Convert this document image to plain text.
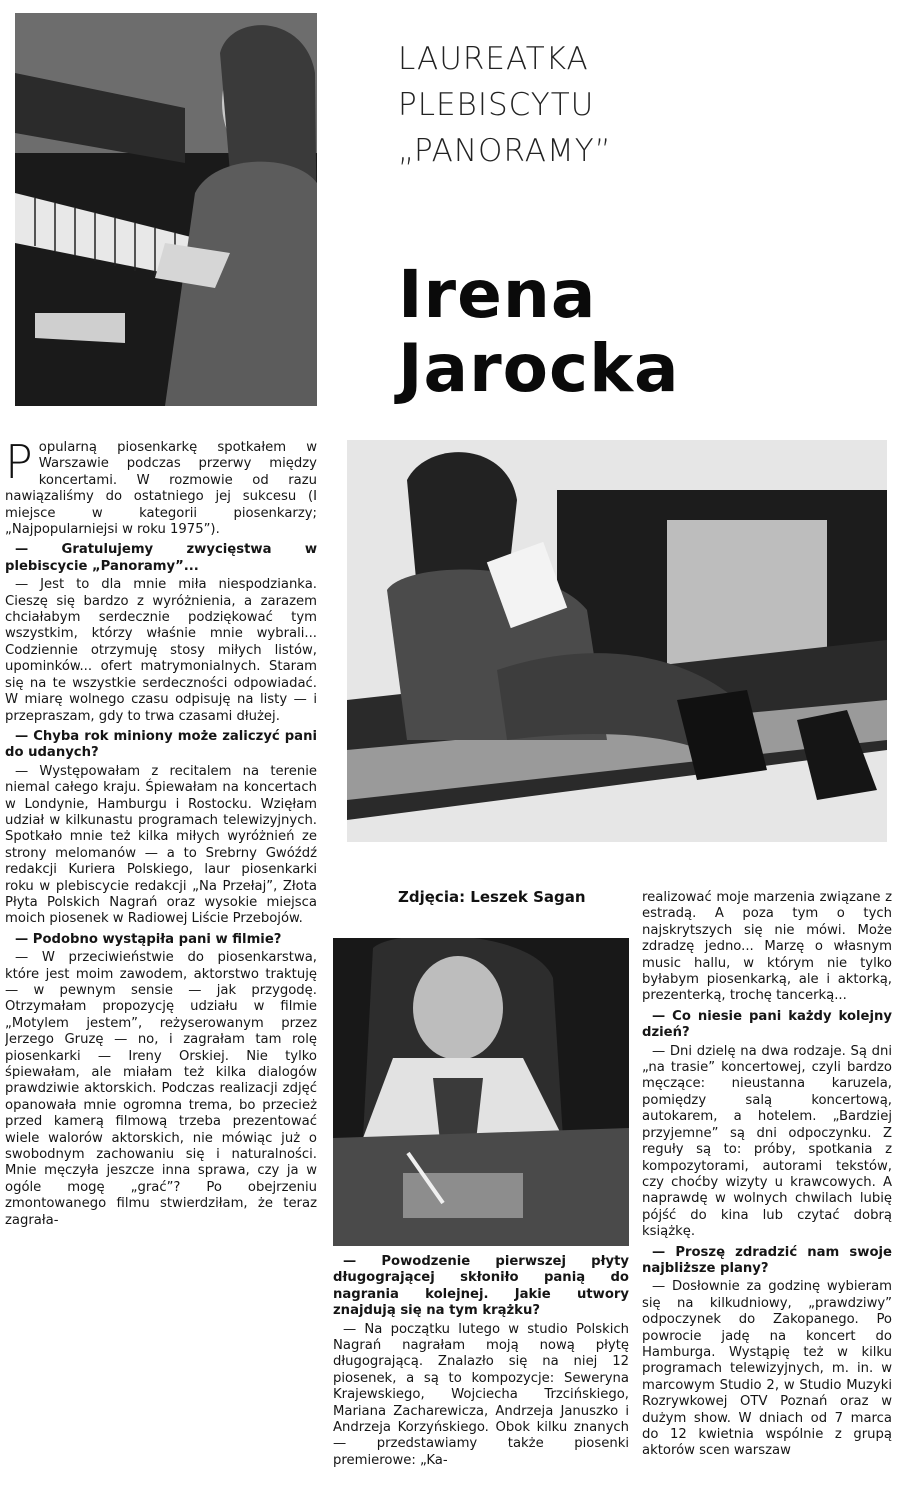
LAUREATKA
PLEBISCYTU
„PANORAMY”
Irena
Jarocka
Zdjęcia: Leszek Sagan

Popularną piosenkarkę spotkałem w Warszawie podczas przerwy między koncertami. W rozmowie od razu nawiązaliśmy do ostatniego jej sukcesu (I miejsce w kategorii piosenkarzy; „Najpopularniejsi w roku 1975”).

— Gratulujemy zwycięstwa w plebiscycie „Panoramy”...

— Jest to dla mnie miła niespodzianka. Cieszę się bardzo z wyróżnienia, a zarazem chciałabym serdecznie podziękować tym wszystkim, którzy właśnie mnie wybrali... Codziennie otrzymuję stosy miłych listów, upominków... ofert matrymonialnych. Staram się na te wszystkie serdeczności odpowiadać. W miarę wolnego czasu odpisuję na listy — i przepraszam, gdy to trwa czasami dłużej.

— Chyba rok miniony może zaliczyć pani do udanych?

— Występowałam z recitalem na terenie niemal całego kraju. Śpiewałam na koncertach w Londynie, Hamburgu i Rostocku. Wzięłam udział w kilkunastu programach telewizyjnych. Spotkało mnie też kilka miłych wyróżnień ze strony melomanów — a to Srebrny Gwóźdź redakcji Kuriera Polskiego, laur piosenkarki roku w plebiscycie redakcji „Na Przełaj”, Złota Płyta Polskich Nagrań oraz wysokie miejsca moich piosenek w Radiowej Liście Przebojów.

— Podobno wystąpiła pani w filmie?

— W przeciwieństwie do piosenkarstwa, które jest moim zawodem, aktorstwo traktuję — w pewnym sensie — jak przygodę. Otrzymałam propozycję udziału w filmie „Motylem jestem”, reżyserowanym przez Jerzego Gruzę — no, i zagrałam tam rolę piosenkarki — Ireny Orskiej. Nie tylko śpiewałam, ale miałam też kilka dialogów prawdziwie aktorskich. Podczas realizacji zdjęć opanowała mnie ogromna trema, bo przecież przed kamerą filmową trzeba prezentować wiele walorów aktorskich, nie mówiąc już o swobodnym zachowaniu się i naturalności. Mnie męczyła jeszcze inna sprawa, czy ja w ogóle mogę „grać”? Po obejrzeniu zmontowanego filmu stwierdziłam, że teraz zagrała-

— Powodzenie pierwszej płyty długogrającej skłoniło panią do nagrania kolejnej. Jakie utwory znajdują się na tym krążku?

— Na początku lutego w studio Polskich Nagrań nagrałam moją nową płytę długogrającą. Znalazło się na niej 12 piosenek, a są to kompozycje: Seweryna Krajewskiego, Wojciecha Trzcińskiego, Mariana Zacharewicza, Andrzeja Januszko i Andrzeja Korzyńskiego. Obok kilku znanych — przedstawiamy także piosenki premierowe: „Ka-

realizować moje marzenia związane z estradą. A poza tym o tych najskrytszych się nie mówi. Może zdradzę jedno... Marzę o własnym music hallu, w którym nie tylko byłabym piosenkarką, ale i aktorką, prezenterką, trochę tancerką...

— Co niesie pani każdy kolejny dzień?

— Dni dzielę na dwa rodzaje. Są dni „na trasie” koncertowej, czyli bardzo męczące: nieustanna karuzela, pomiędzy salą koncertową, autokarem, a hotelem. „Bardziej przyjemne” są dni odpoczynku. Z reguły są to: próby, spotkania z kompozytorami, autorami tekstów, czy choćby wizyty u krawcowych. A naprawdę w wolnych chwilach lubię pójść do kina lub czytać dobrą książkę.

— Proszę zdradzić nam swoje najbliższe plany?

— Dosłownie za godzinę wybieram się na kilkudniowy, „prawdziwy” odpoczynek do Zakopanego. Po powrocie jadę na koncert do Hamburga. Wystąpię też w kilku programach telewizyjnych, m. in. w marcowym Studio 2, w Studio Muzyki Rozrywkowej OTV Poznań oraz w dużym show. W dniach od 7 marca do 12 kwietnia wspólnie z grupą aktorów scen warszaw
